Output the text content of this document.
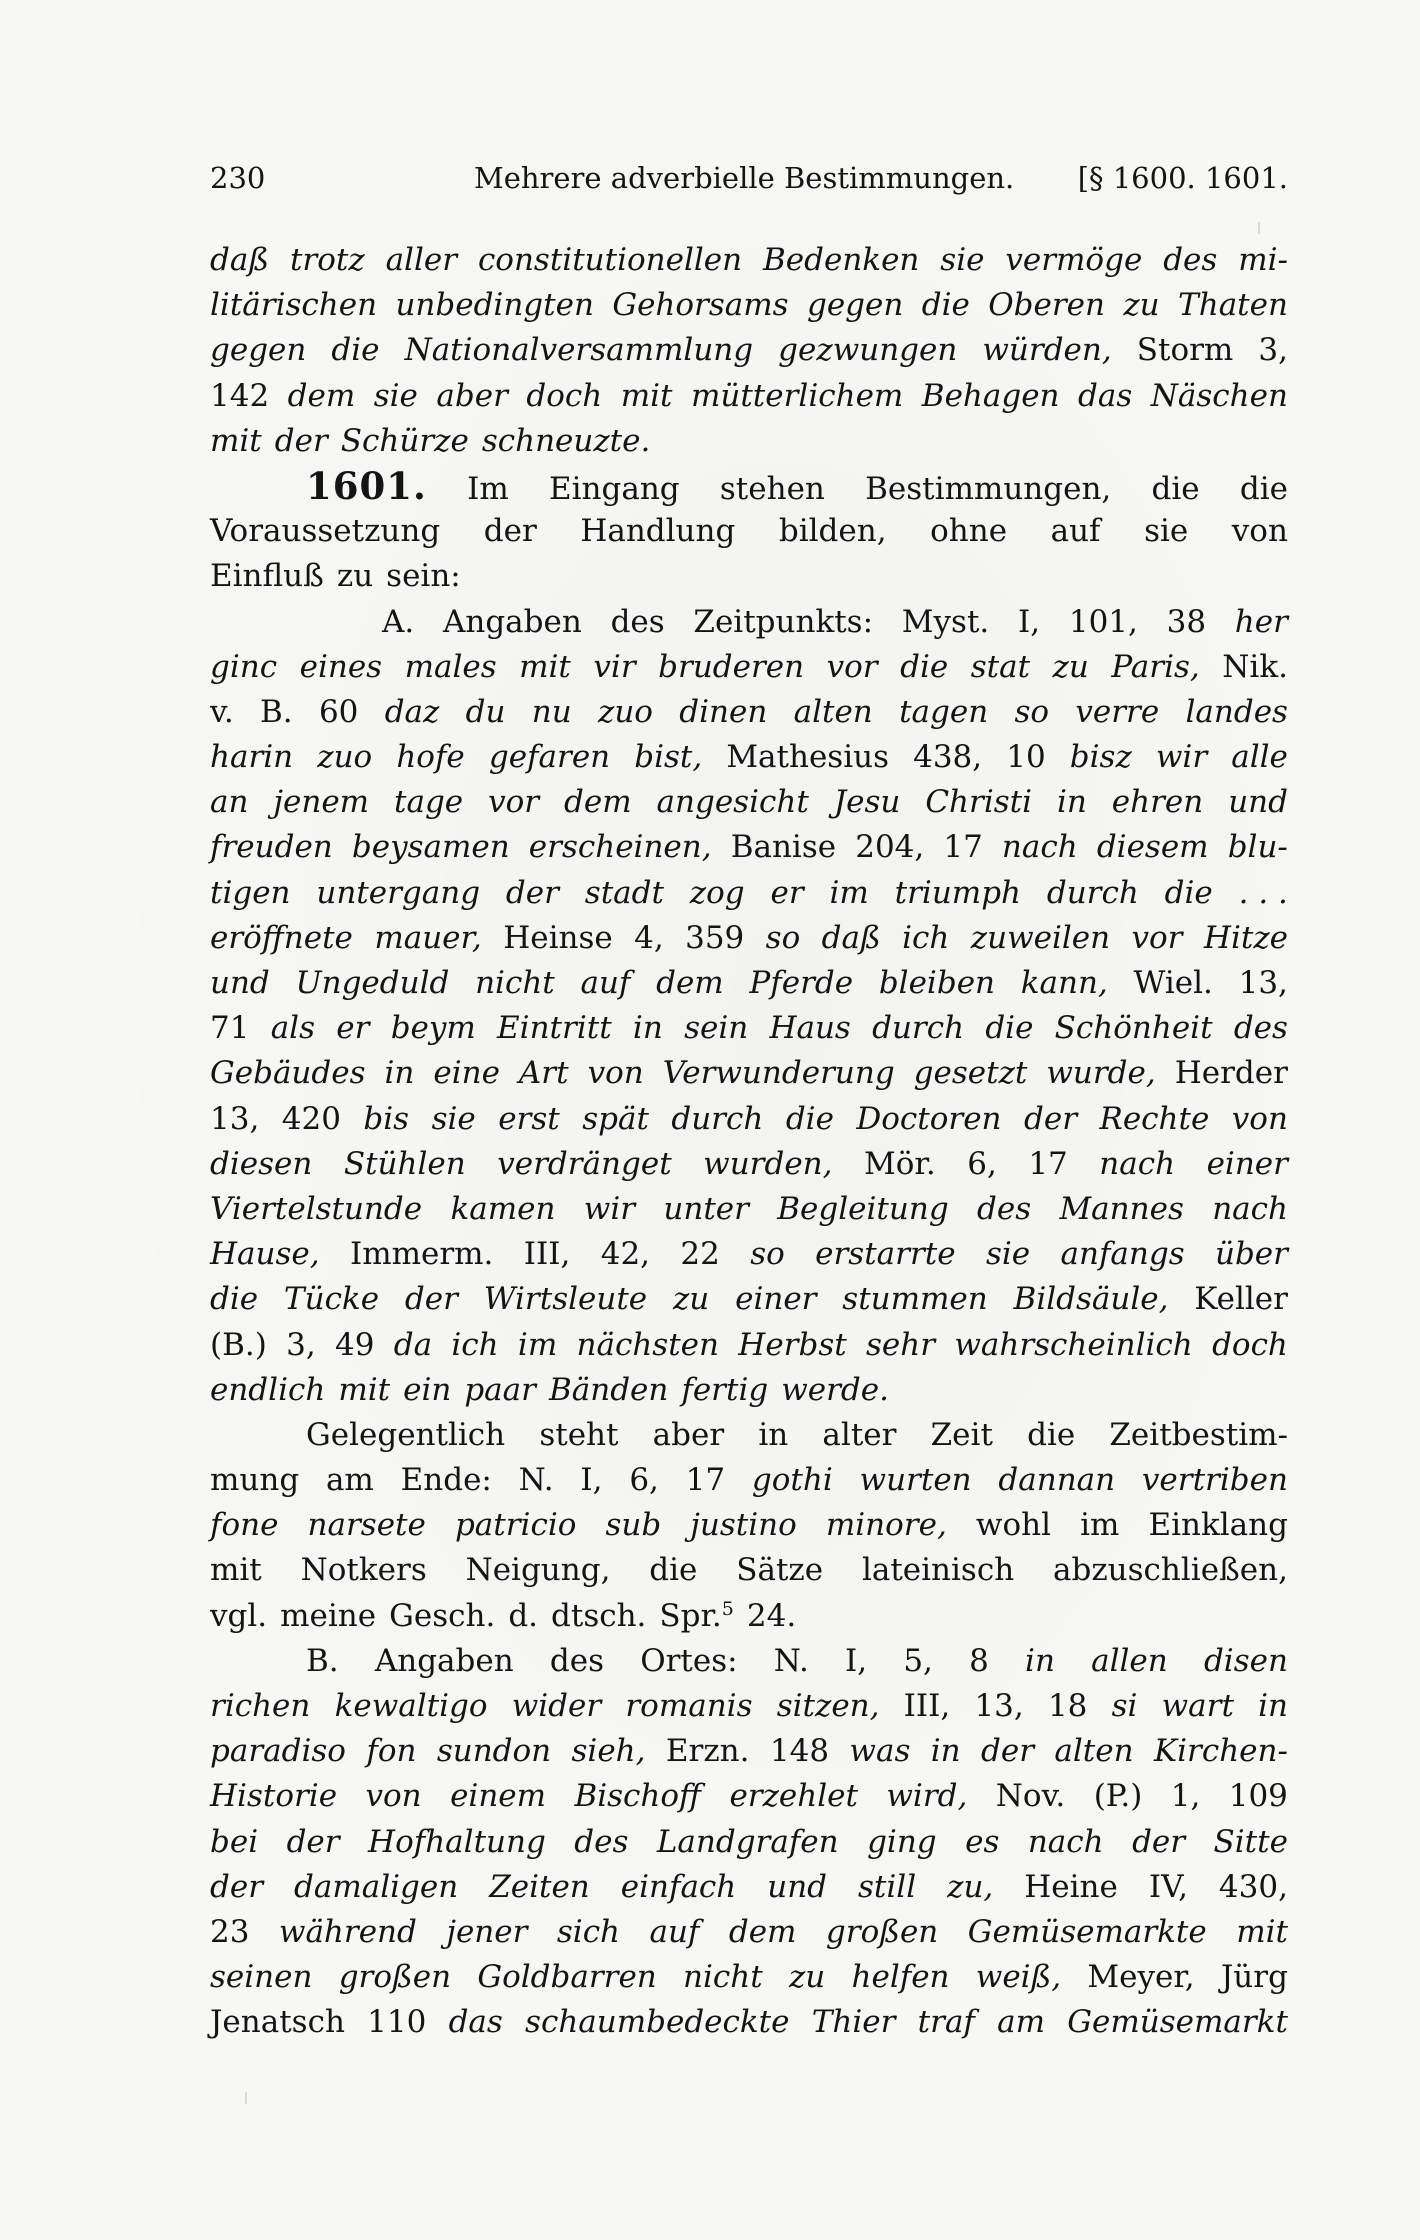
230	Mehrere adverbielle Bestimmungen. [§ 1600. 1601.
daß trotz aller constitutionellen Bedenken sie vermöge des mi-
litärischen unbedingten Gehorsams gegen die Oberen zu Thaten
gegen die Nationalversammlung gezwungen würden, Storm 3,
142 dem sie aber doch mit mütterlichem Behagen das Näschen
mit der Schürze schneuzte.
1601. Im Eingang stehen Bestimmungen, die die
Voraussetzung der Handlung bilden, ohne auf sie von
Einfluß zu sein:
A. Angaben des Zeitpunkts: Myst. I, 101, 38 her
ginc eines males mit vir bruderen vor die stat zu Paris, Nik.
v. B. 60 daz du nu zuo dinen alten tagen so verre landes
harin zuo hofe gefaren bist, Mathesius 438, 10 bisz wir alle
an jenem tage vor dem angesicht Jesu Christi in ehren und
freuden beysamen erscheinen, Banise 204, 17 nach diesem blu-
tigen untergang der stadt zog er im triumph durch die . . .
eröffnete mauer, Heinse 4, 359 so daß ich zuweilen vor Hitze
und Ungeduld nicht auf dem Pferde bleiben kann, Wiel. 13,
71 als er beym Eintritt in sein Haus durch die Schönheit des
Gebäudes in eine Art von Verwunderung gesetzt wurde, Herder
13, 420 bis sie erst spät durch die Doctoren der Rechte von
diesen Stühlen verdränget wurden, Mör. 6, 17 nach einer
Viertelstunde kamen wir unter Begleitung des Mannes nach
Hause, Immerm. III, 42, 22 so erstarrte sie anfangs über
die Tücke der Wirtsleute zu einer stummen Bildsäule, Keller
(B.) 3, 49 da ich im nächsten Herbst sehr wahrscheinlich doch
endlich mit ein paar Bänden fertig werde.
Gelegentlich steht aber in alter Zeit die Zeitbestim-
mung am Ende: N. I, 6, 17 gothi wurten dannan vertriben
fone narsete patricio sub justino minore, wohl im Einklang
mit Notkers Neigung, die Sätze lateinisch abzuschließen,
vgl. meine Gesch. d. dtsch. Spr.$^5$ 24.
B. Angaben des Ortes: N. I, 5, 8 in allen disen
richen kewaltigo wider romanis sitzen, III, 13, 18 si wart in
paradiso fon sundon sieh, Erzn. 148 was in der alten Kirchen-
Historie von einem Bischoff erzehlet wird, Nov. (P.) 1, 109
bei der Hofhaltung des Landgrafen ging es nach der Sitte
der damaligen Zeiten einfach und still zu, Heine IV, 430,
23 während jener sich auf dem großen Gemüsemarkte mit
seinen großen Goldbarren nicht zu helfen weiß, Meyer, Jürg
Jenatsch 110 das schaumbedeckte Thier traf am Gemüsemarkt
